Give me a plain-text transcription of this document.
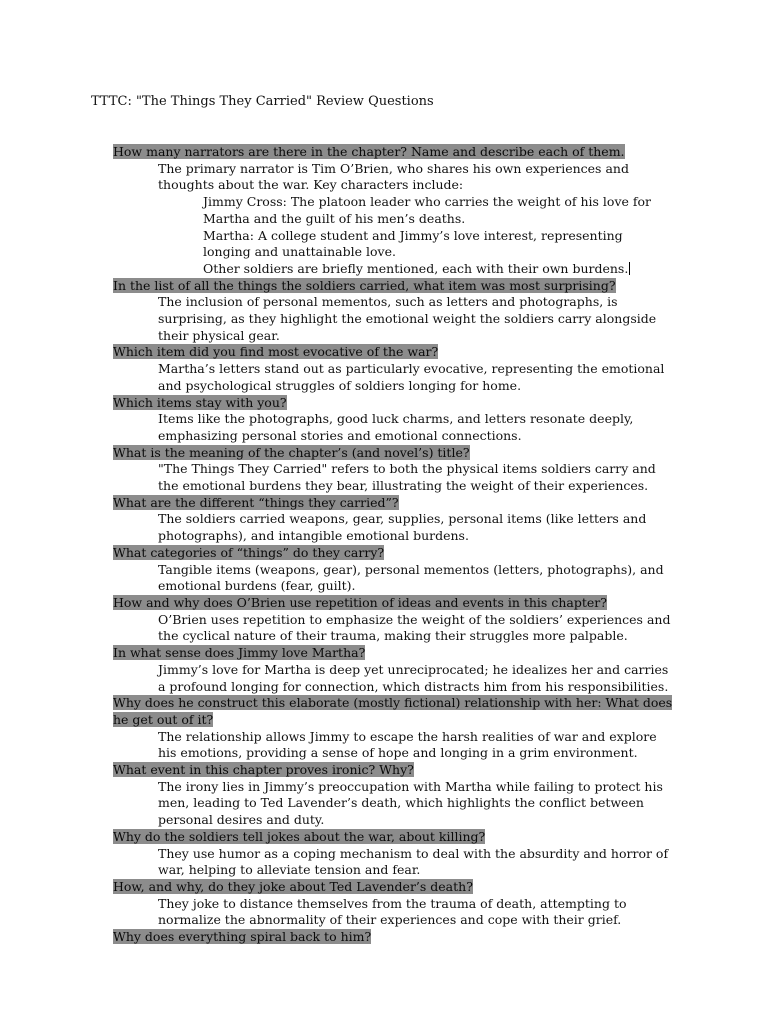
TTTC: "The Things They Carried" Review Questions
How many narrators are there in the chapter? Name and describe each of them.
The primary narrator is Tim O’Brien, who shares his own experiences and thoughts about the war. Key characters include:
Jimmy Cross: The platoon leader who carries the weight of his love for Martha and the guilt of his men’s deaths.
Martha: A college student and Jimmy’s love interest, representing longing and unattainable love.
Other soldiers are briefly mentioned, each with their own burdens.
In the list of all the things the soldiers carried, what item was most surprising?
The inclusion of personal mementos, such as letters and photographs, is surprising, as they highlight the emotional weight the soldiers carry alongside their physical gear.
Which item did you find most evocative of the war?
Martha’s letters stand out as particularly evocative, representing the emotional and psychological struggles of soldiers longing for home.
Which items stay with you?
Items like the photographs, good luck charms, and letters resonate deeply, emphasizing personal stories and emotional connections.
What is the meaning of the chapter’s (and novel’s) title?
"The Things They Carried" refers to both the physical items soldiers carry and the emotional burdens they bear, illustrating the weight of their experiences.
What are the different “things they carried”?
The soldiers carried weapons, gear, supplies, personal items (like letters and photographs), and intangible emotional burdens.
What categories of “things” do they carry?
Tangible items (weapons, gear), personal mementos (letters, photographs), and emotional burdens (fear, guilt).
How and why does O’Brien use repetition of ideas and events in this chapter?
O’Brien uses repetition to emphasize the weight of the soldiers’ experiences and the cyclical nature of their trauma, making their struggles more palpable.
In what sense does Jimmy love Martha?
Jimmy’s love for Martha is deep yet unreciprocated; he idealizes her and carries a profound longing for connection, which distracts him from his responsibilities.
Why does he construct this elaborate (mostly fictional) relationship with her: What does he get out of it?
The relationship allows Jimmy to escape the harsh realities of war and explore his emotions, providing a sense of hope and longing in a grim environment.
What event in this chapter proves ironic? Why?
The irony lies in Jimmy’s preoccupation with Martha while failing to protect his men, leading to Ted Lavender’s death, which highlights the conflict between personal desires and duty.
Why do the soldiers tell jokes about the war, about killing?
They use humor as a coping mechanism to deal with the absurdity and horror of war, helping to alleviate tension and fear.
How, and why, do they joke about Ted Lavender’s death?
They joke to distance themselves from the trauma of death, attempting to normalize the abnormality of their experiences and cope with their grief.
Why does everything spiral back to him?
